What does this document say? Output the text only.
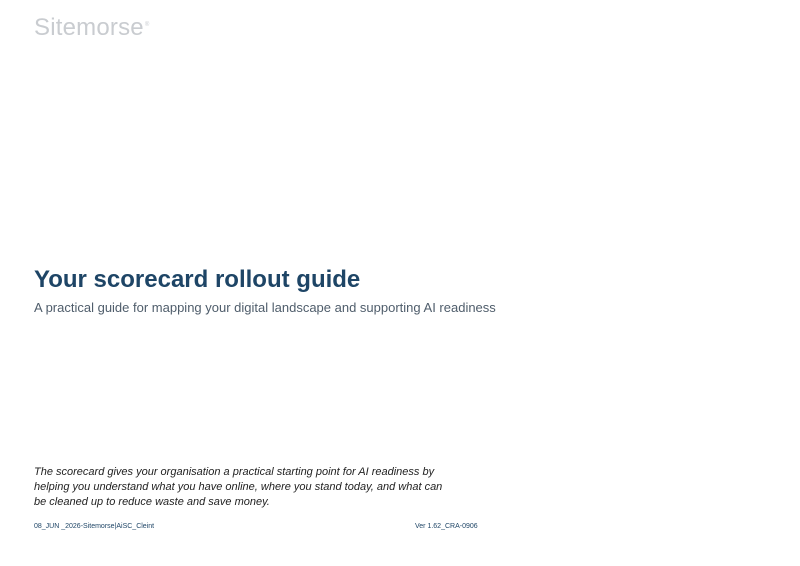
Sitemorse®
Your scorecard rollout guide

A practical guide for mapping your digital landscape and supporting AI readiness

The scorecard gives your organisation a practical starting point for AI readiness by helping you understand what you have online, where you stand today, and what can be cleaned up to reduce waste and save money.

08_JUN _2026-Sitemorse|AiSC_Cleint	Ver 1.62_CRA-0906
